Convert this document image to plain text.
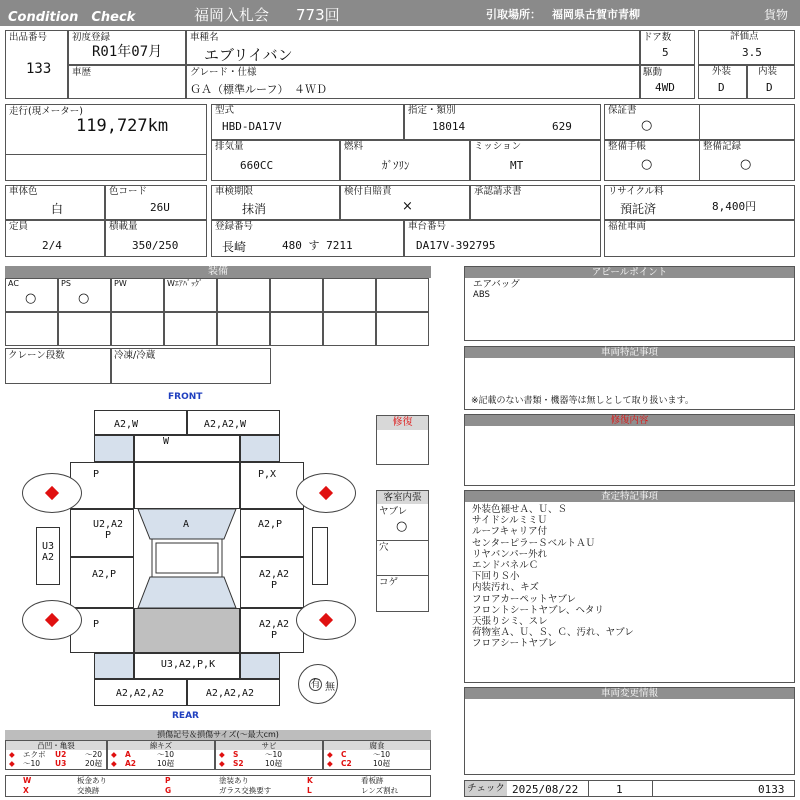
Condition　Check	福岡入札会 773回	引取場所： 福岡県古賀市青柳	貨物
出品番号
133
初度登録
R01年07月
車種名
エブリイバン
ドア数
5
評価点
3.5
車歴	グレード・仕様
ＧＡ（標準ルーフ）　４ＷＤ
駆動
4WD
外装
D
内装
D
走行(現メーター)
119,727km
型式
HBD-DA17V
指定・類別
18014	629
保証書
○
排気量
660CC
燃料
ｶﾞｿﾘﾝ
ミッション
MT
整備手帳
○
整備記録
○
車体色
白
色コード
26U
車検期限
抹消
検付自賠責
×
承認請求書	リサイクル料
預託済	8,400円
定員
2/4
積載量
350/250
登録番号
長崎	480 す 7211
車台番号
DA17V-392795
福祉車両
装備
AC
○
PS
○
PW	Wｴｱﾊﾞｯｸﾞ
クレーン段数	冷凍/冷蔵
FRONT
有 無
A2,W	A2,A2,W
W
P	P,X
U2,A2 P
A	A2,P
A2,P	A2,A2 P
P	A2,A2 P
U3,A2,P,K
A2,A2,A2	A2,A2,A2
U3 A2
REAR
修復
客室内張
ヤブレ
○
穴
コゲ
アピールポイント
エアバッグ
ABS
車両特記事項
※記載のない書類・機器等は無しとして取り扱います。
修復内容
査定特記事項
外装色褪せＡ、Ｕ、Ｓ
サイドシルミミＵ
ルーフキャリア付
センターピラーＳベルトＡＵ
リヤバンパー外れ
エンドパネルＣ
下回りＳ小
内装汚れ、キズ
フロアカーペットヤブレ
フロントシートヤブレ、ヘタリ
天張りシミ、スレ
荷物室Ａ、Ｕ、Ｓ、Ｃ、汚れ、ヤブレ
フロアシートヤブレ
車両変更情報
チェック 2025/08/22	1	0133
損傷記号＆損傷サイズ(〜最大cm)
凸凹・亀裂
◆ エクボ U2 〜20
◆ 〜10 U3 20超
線キズ
◆ A	〜10
◆ A2	10超
サビ
◆ S	〜10
◆ S2	10超
腐食
◆ C	〜10
◆ C2	10超
W	板金あり	P	塗装あり	K	看板跡
X	交換跡	G	ガラス交換要す	L	レンズ割れ
